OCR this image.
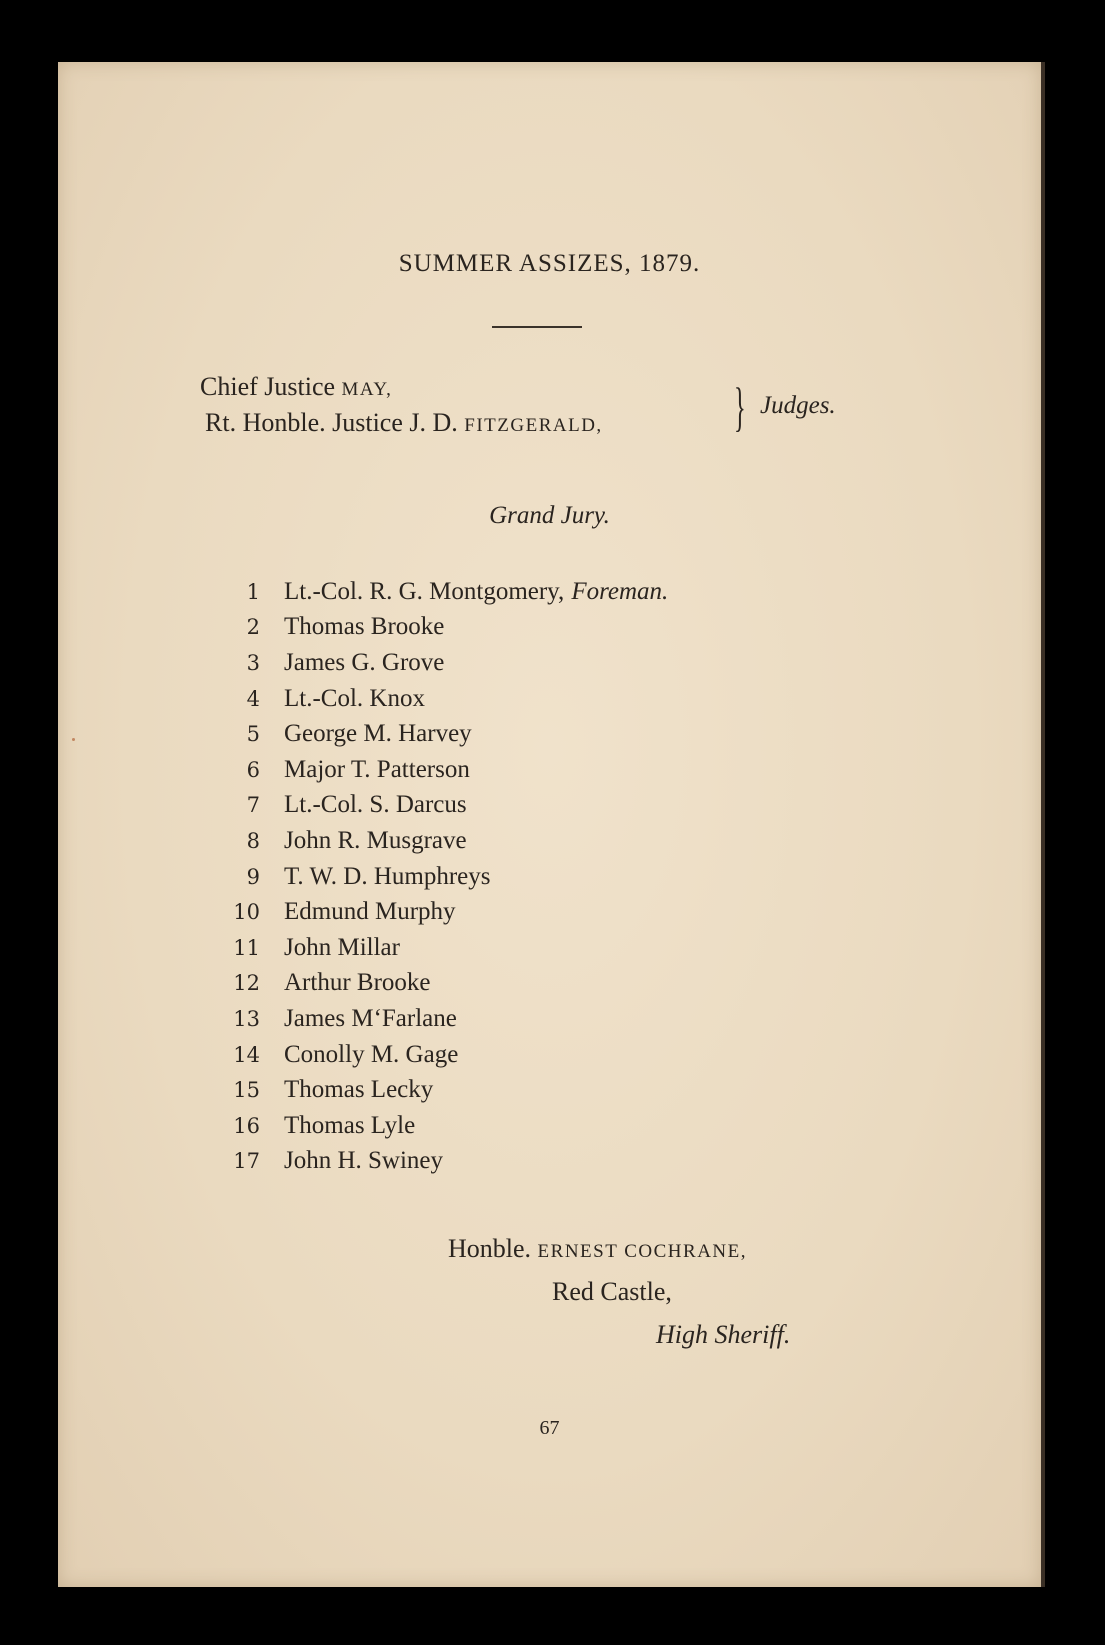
SUMMER ASSIZES, 1879.
Chief Justice MAY,
Rt. Honble. Justice J. D. FITZGERALD, } Judges.
Grand Jury.
1 Lt.-Col. R. G. Montgomery, Foreman.
2 Thomas Brooke
3 James G. Grove
4 Lt.-Col. Knox
5 George M. Harvey
6 Major T. Patterson
7 Lt.-Col. S. Darcus
8 John R. Musgrave
9 T. W. D. Humphreys
10 Edmund Murphy
11 John Millar
12 Arthur Brooke
13 James M‘Farlane
14 Conolly M. Gage
15 Thomas Lecky
16 Thomas Lyle
17 John H. Swiney
Honble. ERNEST COCHRANE,
Red Castle,
High Sheriff.
67
